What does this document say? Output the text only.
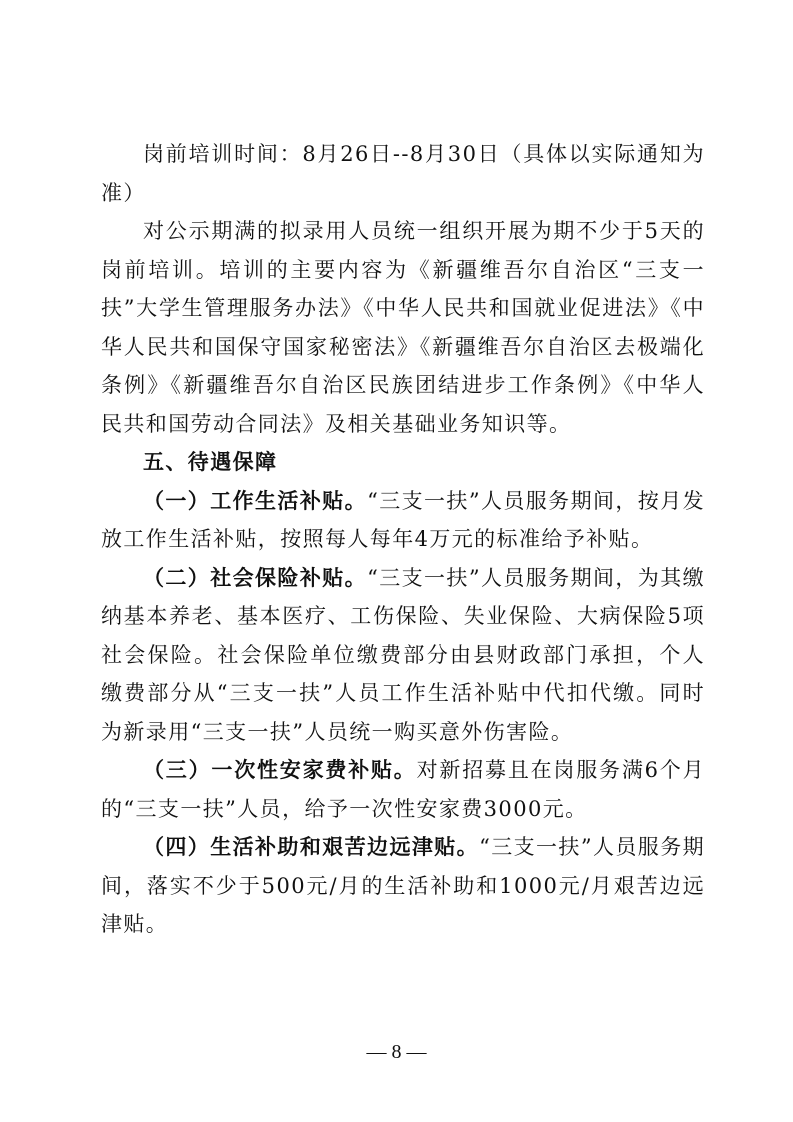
岗前培训时间：8月26日--8月30日（具体以实际通知为准）

对公示期满的拟录用人员统一组织开展为期不少于5天的岗前培训。培训的主要内容为《新疆维吾尔自治区“三支一扶”大学生管理服务办法》《中华人民共和国就业促进法》《中华人民共和国保守国家秘密法》《新疆维吾尔自治区去极端化条例》《新疆维吾尔自治区民族团结进步工作条例》《中华人民共和国劳动合同法》及相关基础业务知识等。

五、待遇保障

（一）工作生活补贴。“三支一扶”人员服务期间，按月发放工作生活补贴，按照每人每年4万元的标准给予补贴。

（二）社会保险补贴。“三支一扶”人员服务期间，为其缴纳基本养老、基本医疗、工伤保险、失业保险、大病保险5项社会保险。社会保险单位缴费部分由县财政部门承担，个人缴费部分从“三支一扶”人员工作生活补贴中代扣代缴。同时为新录用“三支一扶”人员统一购买意外伤害险。

（三）一次性安家费补贴。对新招募且在岗服务满6个月的“三支一扶”人员，给予一次性安家费3000元。

（四）生活补助和艰苦边远津贴。“三支一扶”人员服务期间，落实不少于500元/月的生活补助和1000元/月艰苦边远津贴。

— 8 —
